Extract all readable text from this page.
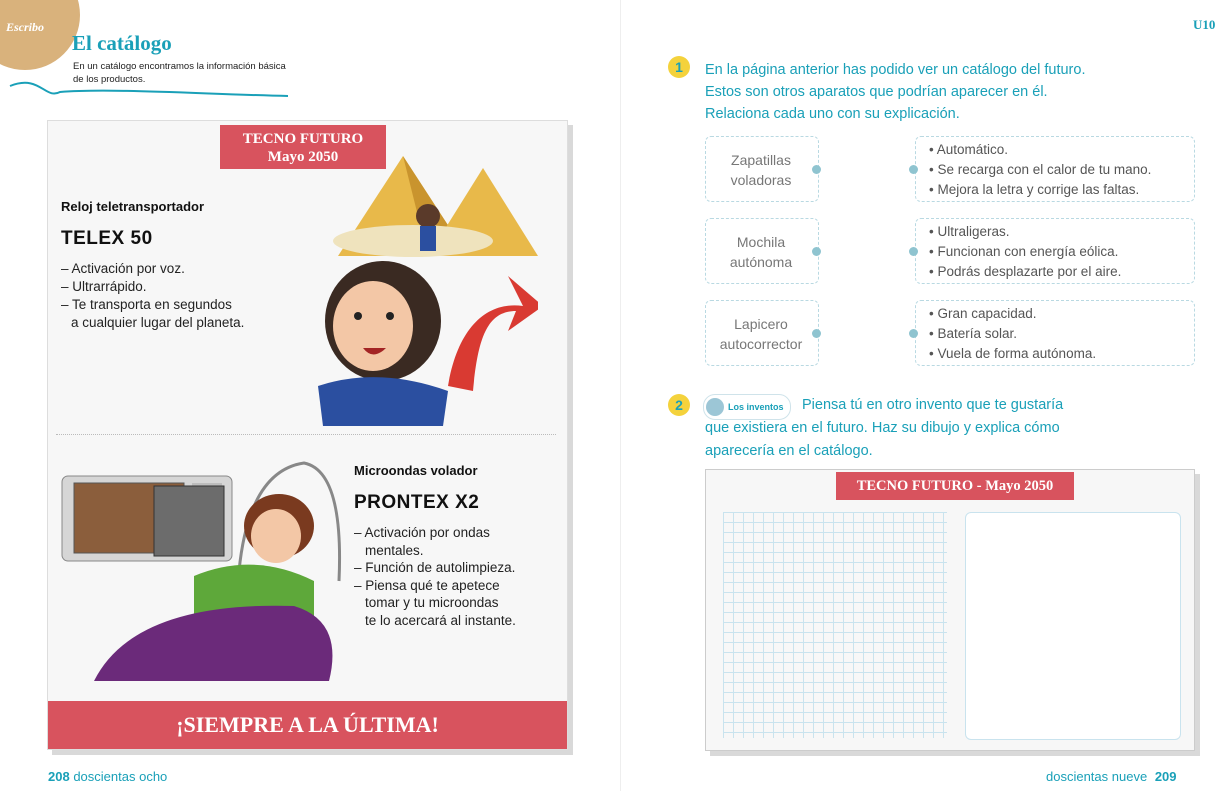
Escribo
El catálogo
En un catálogo encontramos la información básica
de los productos.
TECNO FUTURO
Mayo 2050
Reloj teletransportador
TELEX 50
– Activación por voz.
– Ultrarrápido.
– Te transporta en segundos
a cualquier lugar del planeta.
Microondas volador
PRONTEX X2
– Activación por ondas
mentales.
– Función de autolimpieza.
– Piensa qué te apetece
tomar y tu microondas
te lo acercará al instante.
¡SIEMPRE A LA ÚLTIMA!
208 doscientas ocho
U10
1	En la página anterior has podido ver un catálogo del futuro.
Estos son otros aparatos que podrían aparecer en él.
Relaciona cada uno con su explicación.
Zapatillas
voladoras
Mochila
autónoma
Lapicero
autocorrector
• Automático.
• Se recarga con el calor de tu mano.
• Mejora la letra y corrige las faltas.
• Ultraligeras.
• Funcionan con energía eólica.
• Podrás desplazarte por el aire.
• Gran capacidad.
• Batería solar.
• Vuela de forma autónoma.
2	Los inventos Piensa tú en otro invento que te gustaría
que existiera en el futuro. Haz su dibujo y explica cómo
aparecería en el catálogo.
TECNO FUTURO - Mayo 2050
doscientas nueve 209
